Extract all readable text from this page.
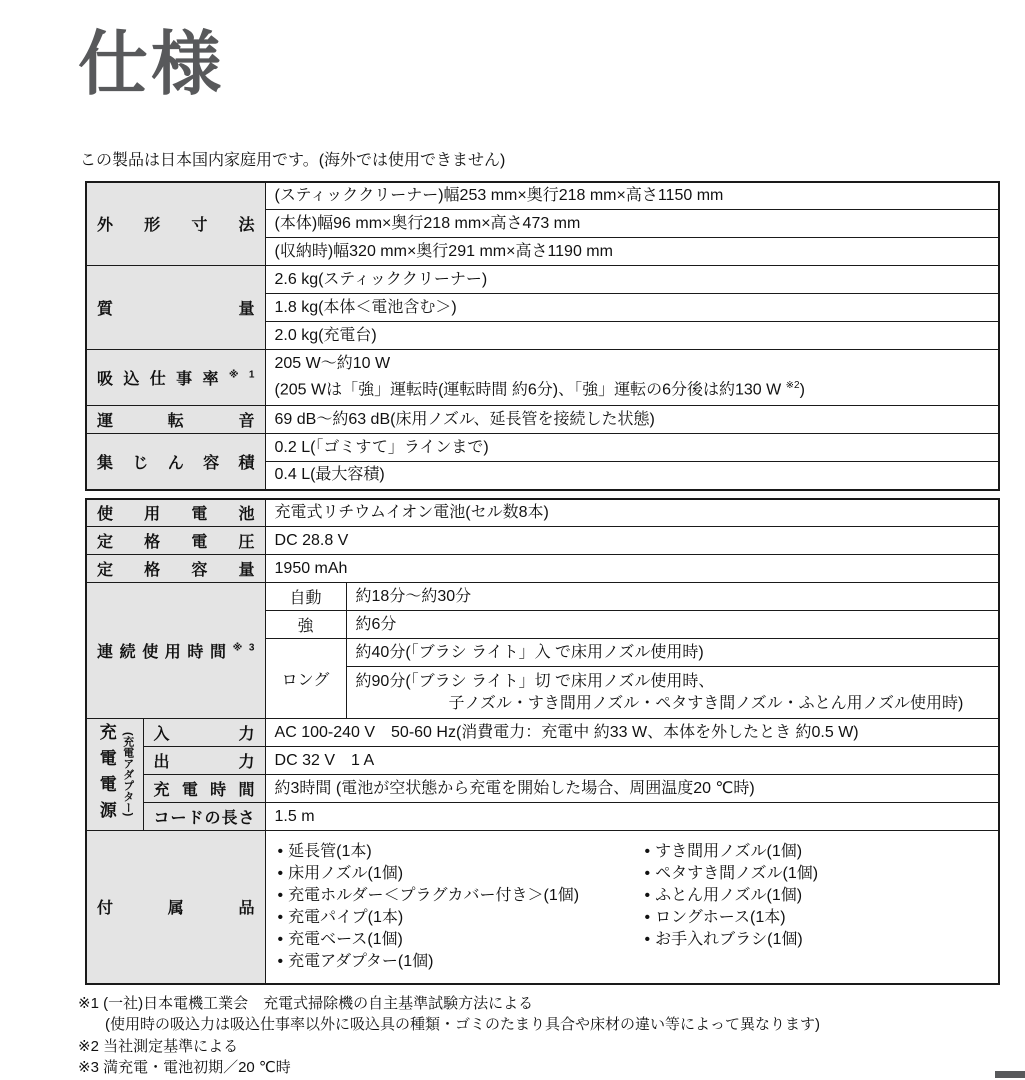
仕様

この製品は日本国内家庭用です。(海外では使用できません)

外形寸法	(スティッククリーナー)幅253 mm×奥行218 mm×高さ1150 mm
	(本体)幅96 mm×奥行218 mm×高さ473 mm
	(収納時)幅320 mm×奥行291 mm×高さ1190 mm
質量	2.6 kg(スティッククリーナー)
	1.8 kg(本体＜電池含む＞)
	2.0 kg(充電台)
吸込仕事率$^{※1}$	205 W〜約10 W
(205 Wは「強」運転時(運転時間 約6分)、「強」運転の6分後は約130 W $^{※2}$)

運転音	69 dB〜約63 dB(床用ノズル、延長管を接続した状態)
集じん容積	0.2 L(「ゴミすて」ラインまで)
	0.4 L(最大容積)
使用電池		充電式リチウムイオン電池(セル数8本)	
定格電圧		DC 28.8 V	
定格容量		1950 mAh	
連続使用時間$^{※3}$		自動	約18分〜約30分
		強	約6分
		ロング	約40分(「ブラシ ライト」入 で床用ノズル使用時)

			約90分(「ブラシ ライト」切 で床用ノズル使用時、
子ノズル・すき間用ノズル・ペタすき間ノズル・ふとん用ノズル使用時)

充電電源 (充電アダプター)	入力	AC 100-240 V　50-60 Hz(消費電力：充電中 約33 W、本体を外したとき 約0.5 W)	
	出力	DC 32 V　1 A	
	充電時間	約3時間 (電池が空状態から充電を開始した場合、周囲温度20 ℃時)	
	コードの長さ	1.5 m	
付属品	
• 延長管(1本)
• 床用ノズル(1個)
• 充電ホルダー＜プラグカバー付き＞(1個)
• 充電パイプ(1本)
• 充電ベース(1個)
• 充電アダプター(1個)
• すき間用ノズル(1個)
• ペタすき間ノズル(1個)
• ふとん用ノズル(1個)
• ロングホース(1本)
• お手入れブラシ(1個)
※1 (一社)日本電機工業会　充電式掃除機の自主基準試験方法による
(使用時の吸込力は吸込仕事率以外に吸込具の種類・ゴミのたまり具合や床材の違い等によって異なります)
※2 当社測定基準による
※3 満充電・電池初期／20 ℃時
